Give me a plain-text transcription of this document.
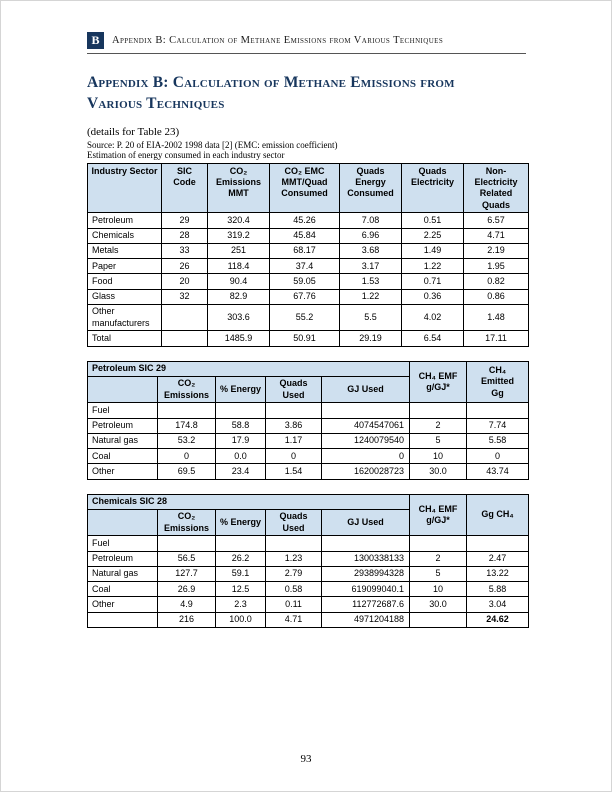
B Appendix B: Calculation of Methane Emissions from Various Techniques
Appendix B: Calculation of Methane Emissions from
Various Techniques
(details for Table 23)
Source: P. 20 of EIA-2002 1998 data [2] (EMC: emission coefficient)
Estimation of energy consumed in each industry sector
Industry Sector	SIC Code	CO₂ Emissions MMT	CO₂ EMC MMT/Quad Consumed	Quads Energy Consumed	Quads Electricity	Non-Electricity Related Quads
Petroleum	29	320.4	45.26	7.08	0.51	6.57
Chemicals	28	319.2	45.84	6.96	2.25	4.71
Metals	33	251	68.17	3.68	1.49	2.19
Paper	26	118.4	37.4	3.17	1.22	1.95
Food	20	90.4	59.05	1.53	0.71	0.82
Glass	32	82.9	67.76	1.22	0.36	0.86
Other manufacturers		303.6	55.2	5.5	4.02	1.48
Total		1485.9	50.91	29.19	6.54	17.11
Petroleum SIC 29					CH₄ EMF g/GJ*	CH₄ Emitted Gg
	CO₂ Emissions	% Energy	Quads Used	GJ Used		
Fuel						
Petroleum	174.8	58.8	3.86	4074547061	2	7.74
Natural gas	53.2	17.9	1.17	1240079540	5	5.58
Coal	0	0.0	0	0	10	0
Other	69.5	23.4	1.54	1620028723	30.0	43.74
Chemicals SIC 28					CH₄ EMF g/GJ*	Gg CH₄
	CO₂ Emissions	% Energy	Quads Used	GJ Used		
Fuel						
Petroleum	56.5	26.2	1.23	1300338133	2	2.47
Natural gas	127.7	59.1	2.79	2938994328	5	13.22
Coal	26.9	12.5	0.58	619099040.1	10	5.88
Other	4.9	2.3	0.11	112772687.6	30.0	3.04
	216	100.0	4.71	4971204188		24.62
93
